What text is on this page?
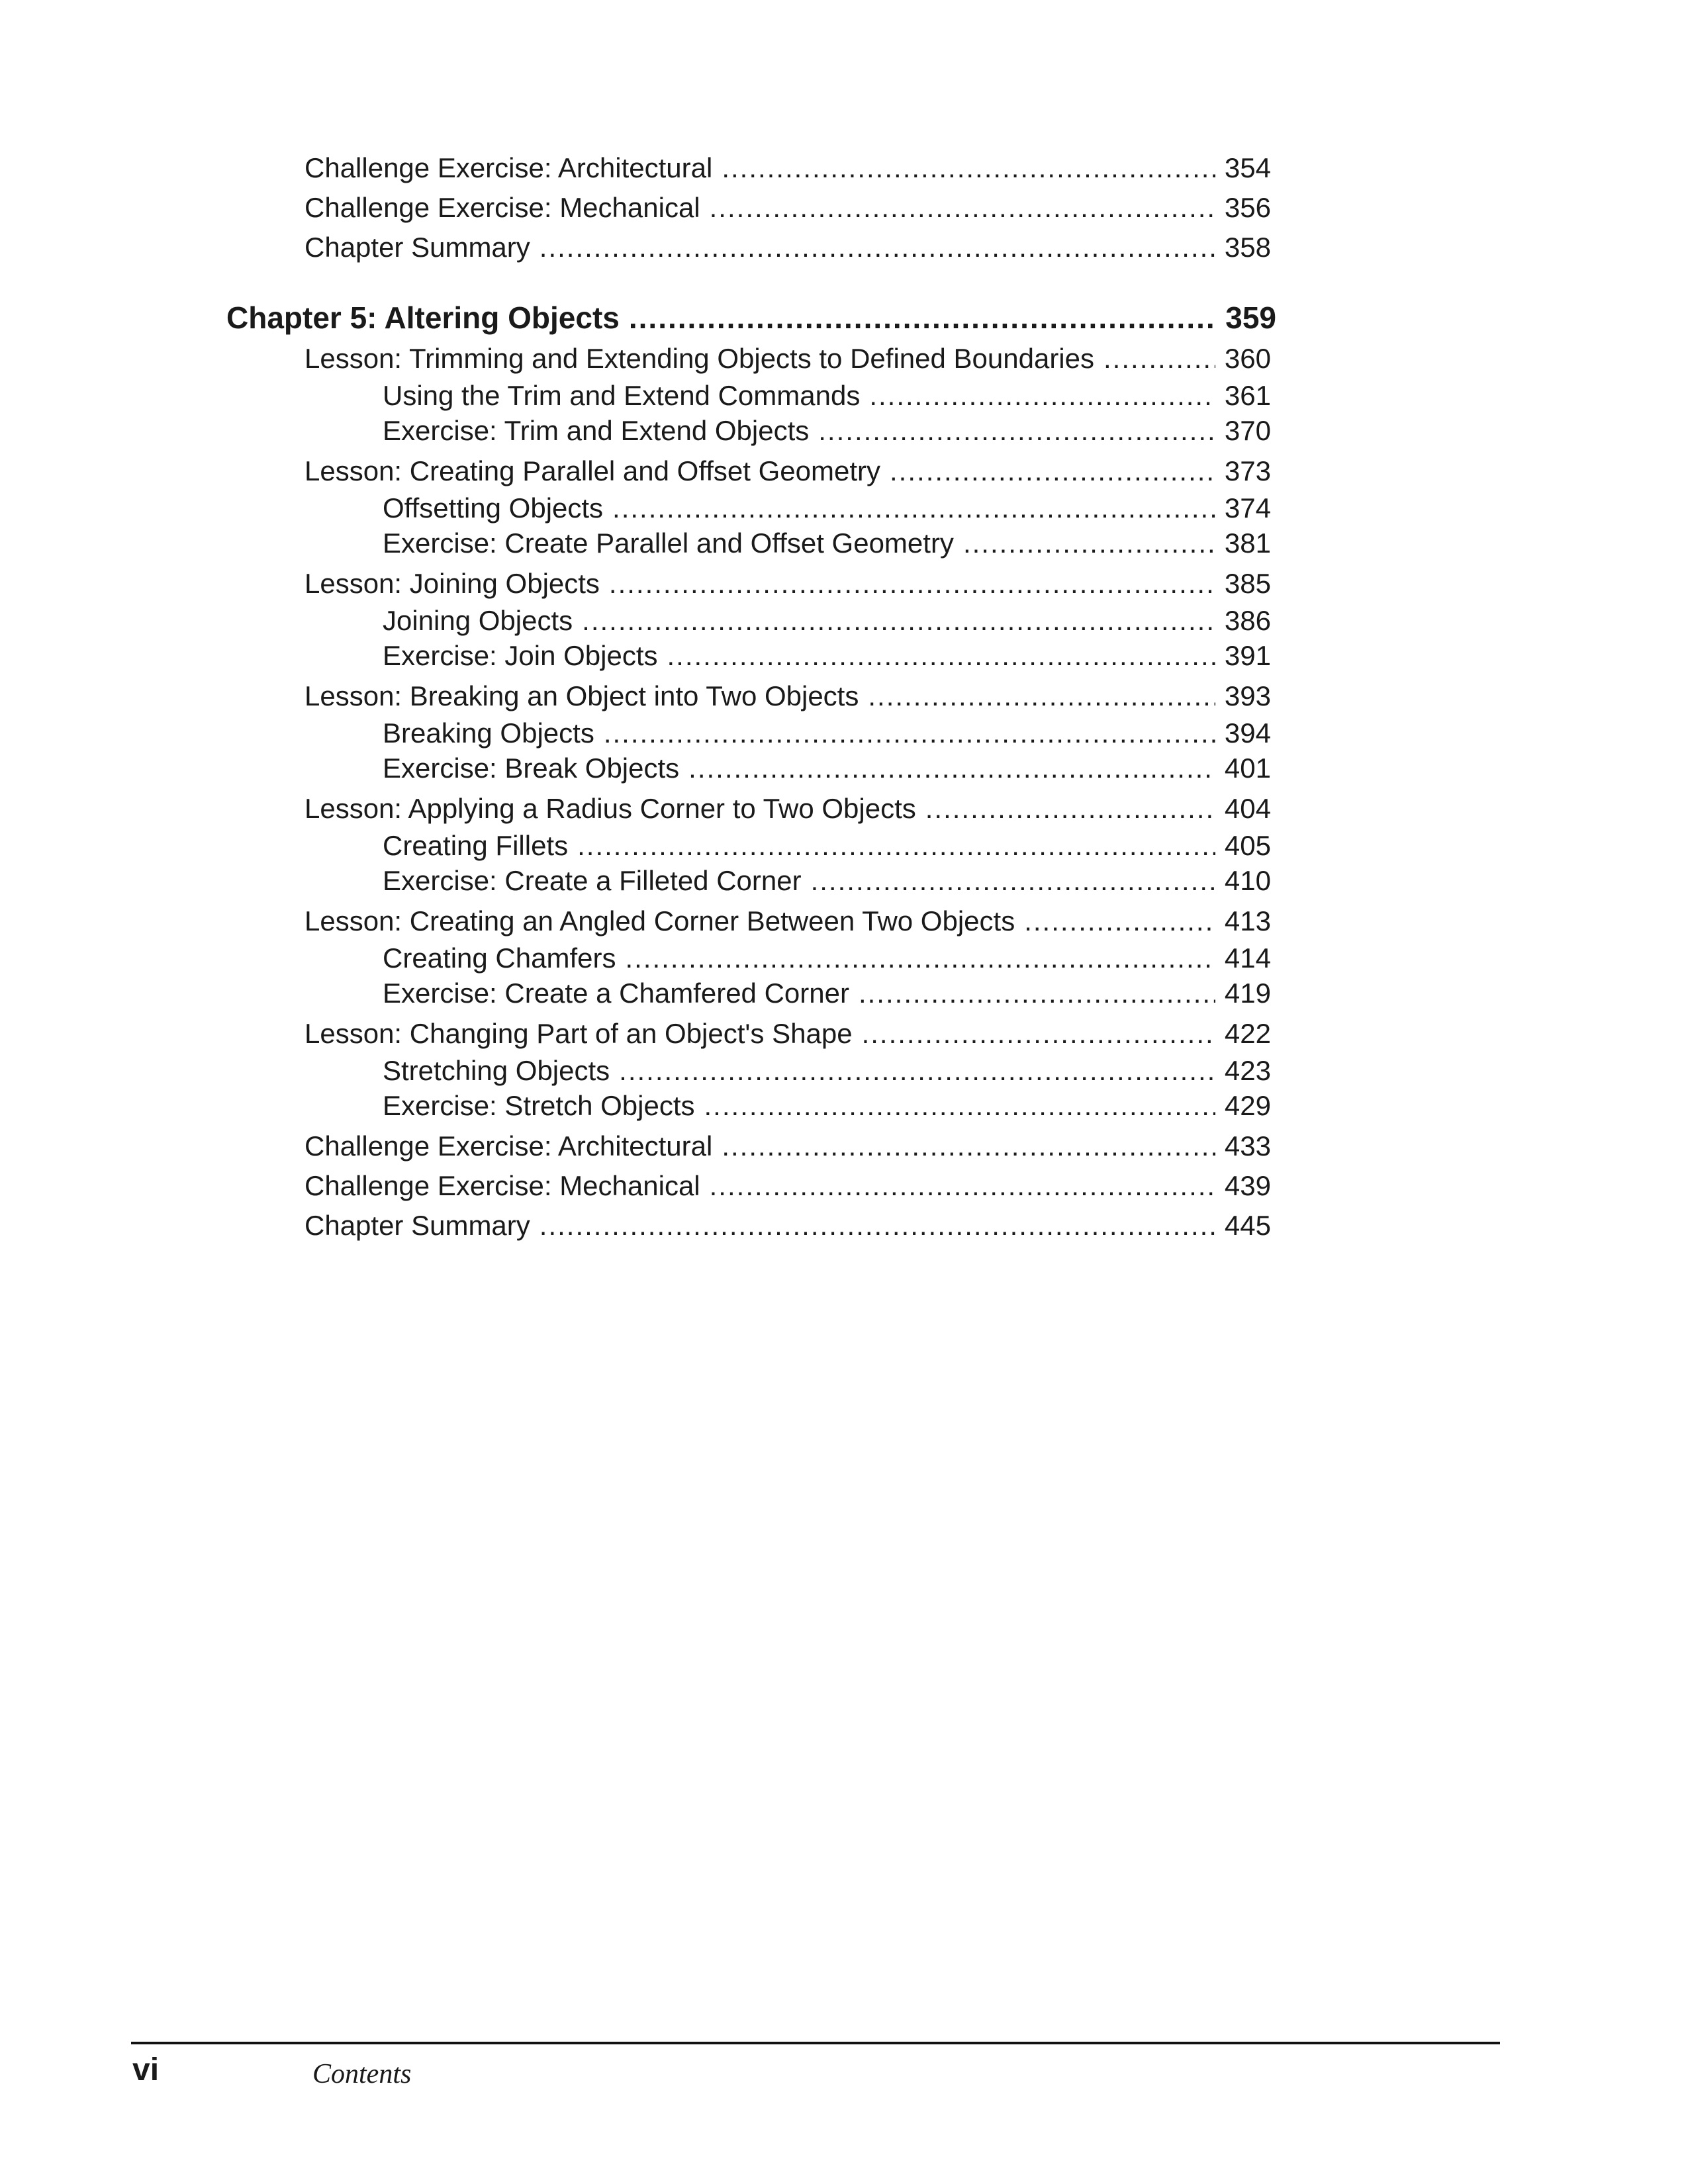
Challenge Exercise: Architectural .....	354
Challenge Exercise: Mechanical .....	356
Chapter Summary .....	358
Chapter 5: Altering Objects .....	359
Lesson: Trimming and Extending Objects to Defined Boundaries .....	360
Using the Trim and Extend Commands .....	361
Exercise: Trim and Extend Objects .....	370
Lesson: Creating Parallel and Offset Geometry .....	373
Offsetting Objects .....	374
Exercise: Create Parallel and Offset Geometry .....	381
Lesson: Joining Objects .....	385
Joining Objects .....	386
Exercise: Join Objects .....	391
Lesson: Breaking an Object into Two Objects .....	393
Breaking Objects .....	394
Exercise: Break Objects .....	401
Lesson: Applying a Radius Corner to Two Objects .....	404
Creating Fillets .....	405
Exercise: Create a Filleted Corner .....	410
Lesson: Creating an Angled Corner Between Two Objects .....	413
Creating Chamfers .....	414
Exercise: Create a Chamfered Corner .....	419
Lesson: Changing Part of an Object's Shape .....	422
Stretching Objects .....	423
Exercise: Stretch Objects .....	429
Challenge Exercise: Architectural .....	433
Challenge Exercise: Mechanical .....	439
Chapter Summary .....	445
vi	Contents
